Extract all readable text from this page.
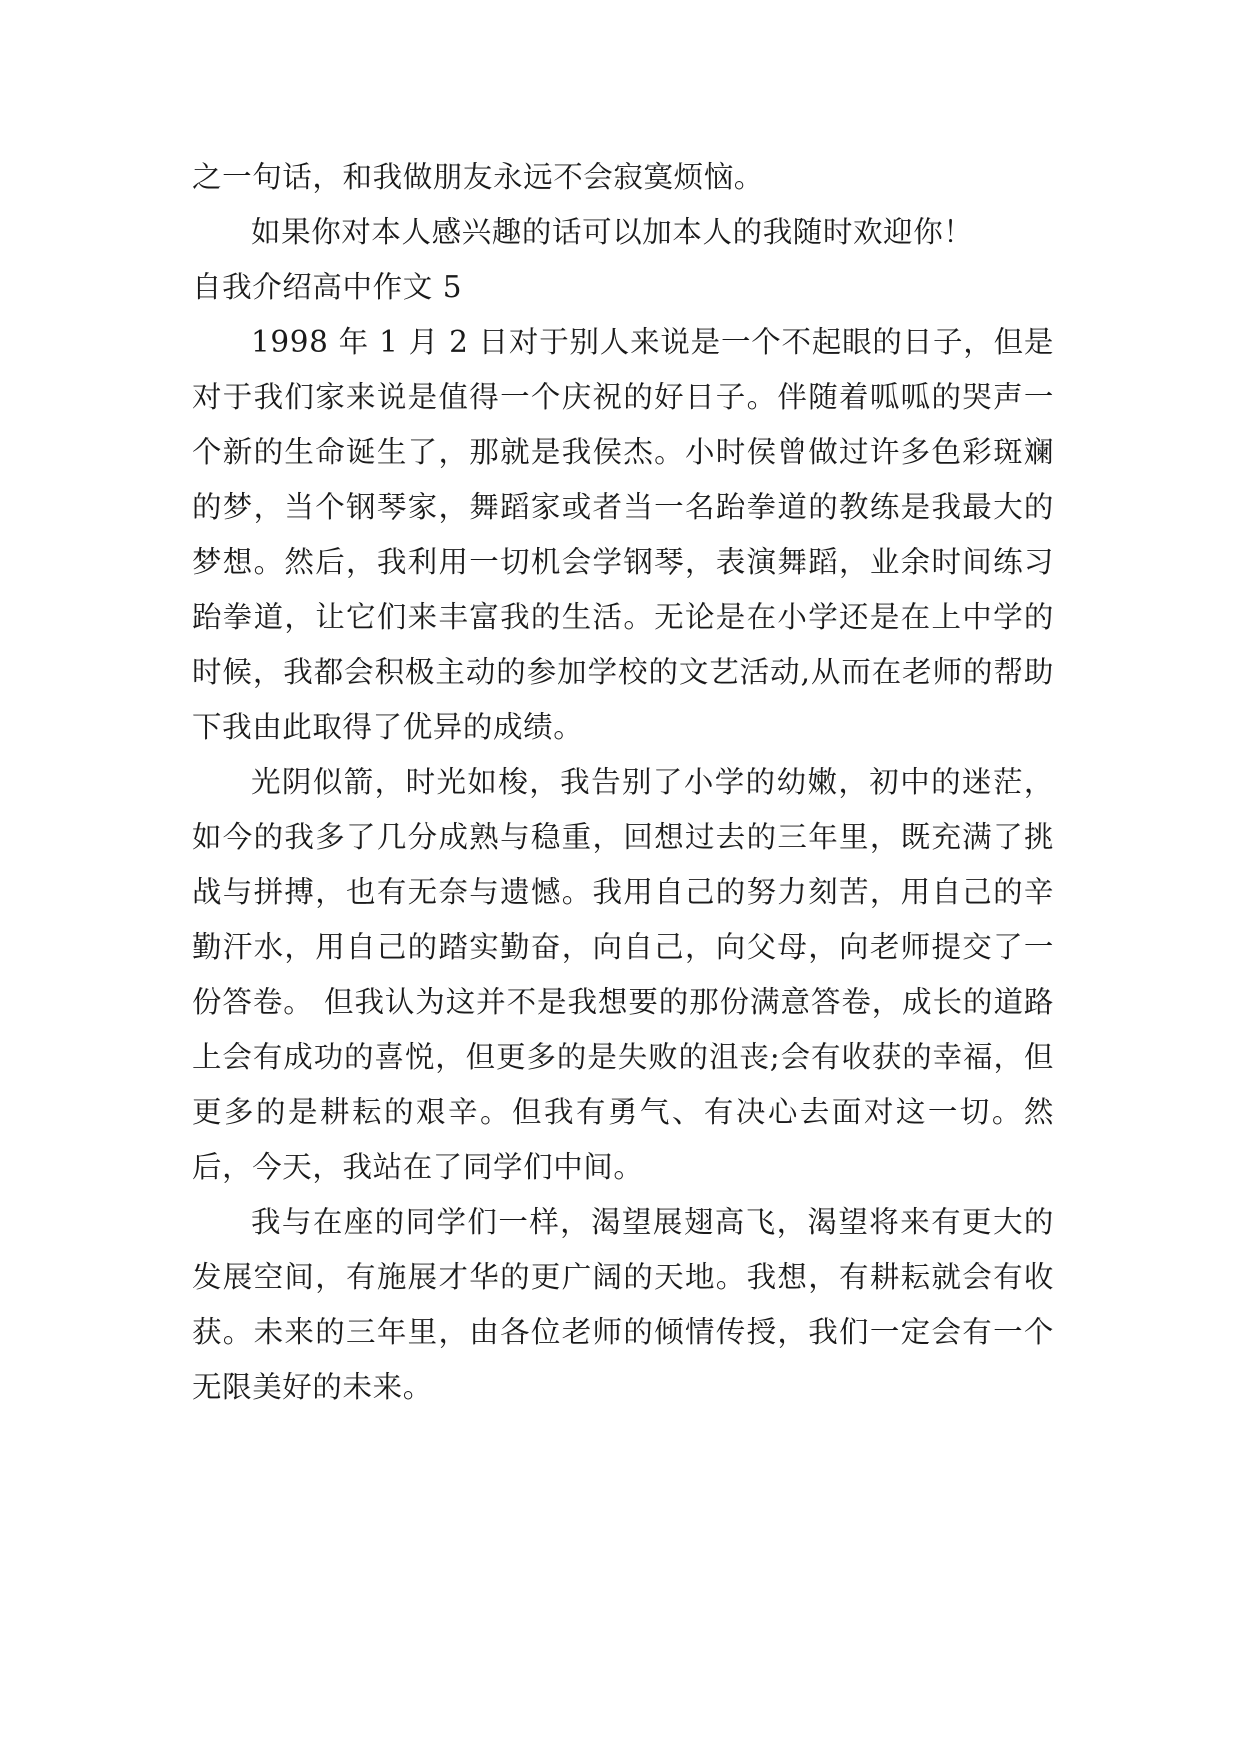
之一句话，和我做朋友永远不会寂寞烦恼。

如果你对本人感兴趣的话可以加本人的我随时欢迎你！

自我介绍高中作文 5

1998 年 1 月 2 日对于别人来说是一个不起眼的日子，但是对于我们家来说是值得一个庆祝的好日子。伴随着呱呱的哭声一个新的生命诞生了，那就是我侯杰。小时侯曾做过许多色彩斑斓的梦，当个钢琴家，舞蹈家或者当一名跆拳道的教练是我最大的梦想。然后，我利用一切机会学钢琴，表演舞蹈，业余时间练习跆拳道，让它们来丰富我的生活。无论是在小学还是在上中学的时候，我都会积极主动的参加学校的文艺活动,从而在老师的帮助下我由此取得了优异的成绩。

光阴似箭，时光如梭，我告别了小学的幼嫩，初中的迷茫，如今的我多了几分成熟与稳重，回想过去的三年里，既充满了挑战与拼搏，也有无奈与遗憾。我用自己的努力刻苦，用自己的辛勤汗水，用自己的踏实勤奋，向自己，向父母，向老师提交了一份答卷。 但我认为这并不是我想要的那份满意答卷，成长的道路上会有成功的喜悦，但更多的是失败的沮丧;会有收获的幸福，但更多的是耕耘的艰辛。但我有勇气、有决心去面对这一切。然后，今天，我站在了同学们中间。

我与在座的同学们一样，渴望展翅高飞，渴望将来有更大的发展空间，有施展才华的更广阔的天地。我想，有耕耘就会有收获。未来的三年里，由各位老师的倾情传授，我们一定会有一个无限美好的未来。
